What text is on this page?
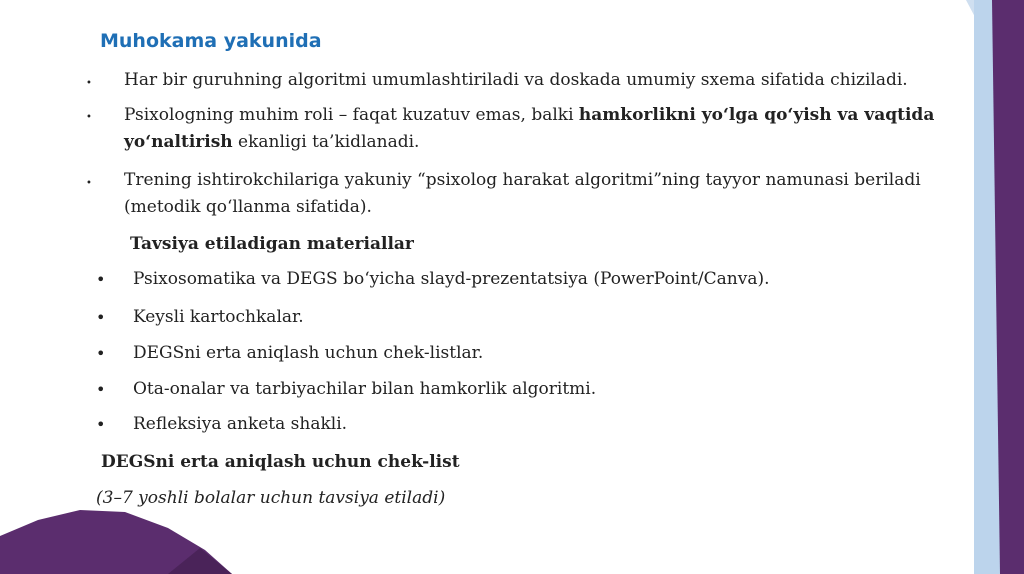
Muhokama yakunida
• Har bir guruhning algoritmi umumlashtiriladi va doskada umumiy sxema sifatida chiziladi.
• Psixologning muhim roli – faqat kuzatuv emas, balki hamkorlikni yo‘lga qo‘yish va vaqtida yo‘naltirish ekanligi ta’kidlanadi.
• Trening ishtirokchilariga yakuniy “psixolog harakat algoritmi”ning tayyor namunasi beriladi (metodik qo‘llanma sifatida).
Tavsiya etiladigan materiallar
• Psixosomatika va DEGS bo‘yicha slayd-prezentatsiya (PowerPoint/Canva).
• Keysli kartochkalar.
• DEGSni erta aniqlash uchun chek-listlar.
• Ota-onalar va tarbiyachilar bilan hamkorlik algoritmi.
• Refleksiya anketa shakli.
DEGSni erta aniqlash uchun chek-list
(3–7 yoshli bolalar uchun tavsiya etiladi)
